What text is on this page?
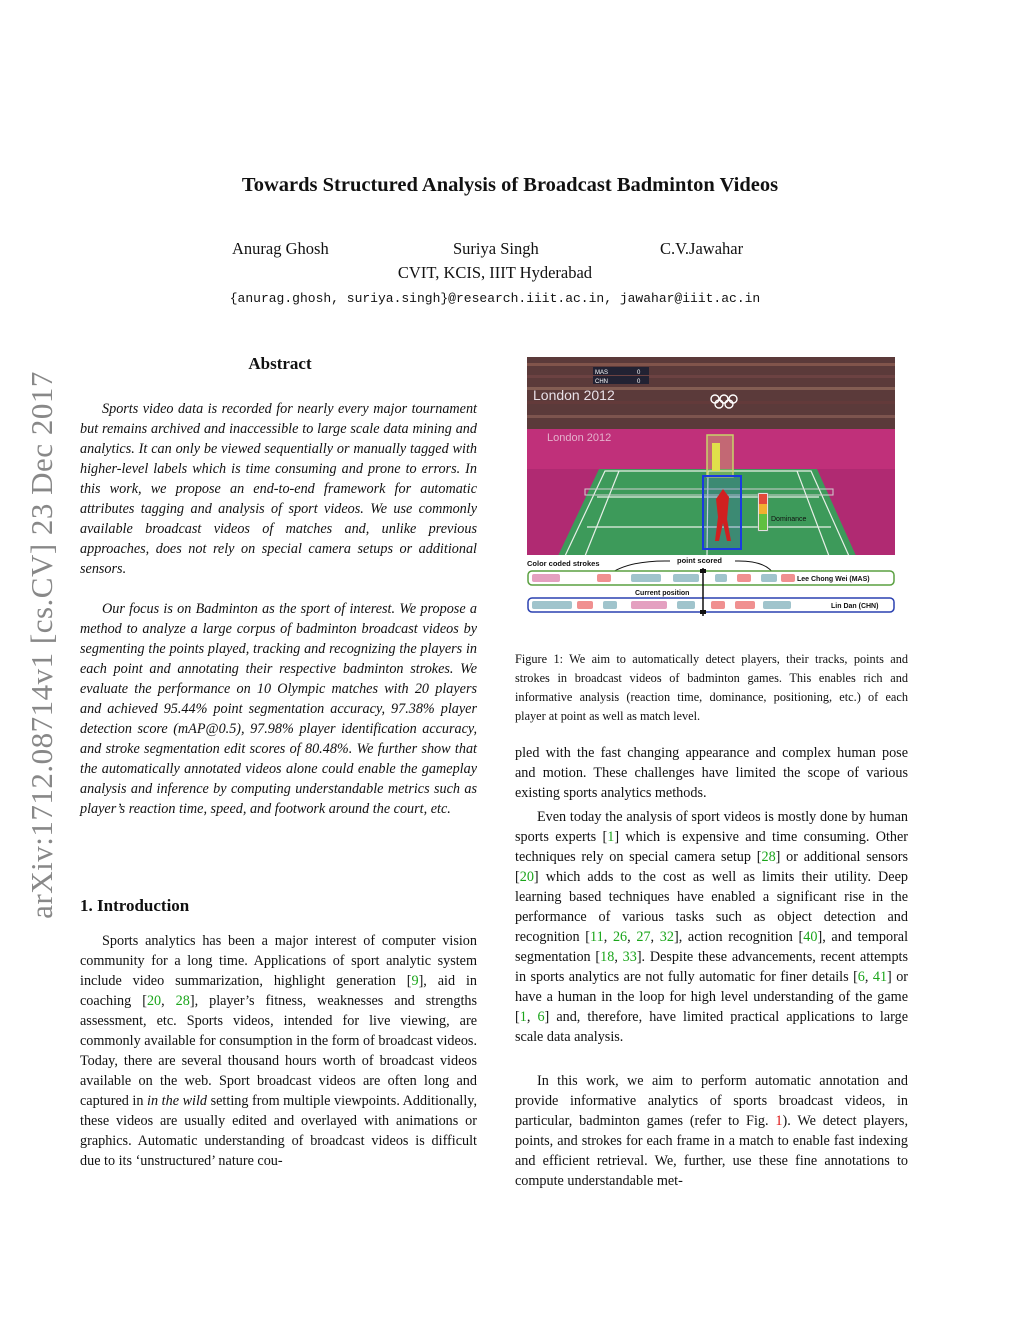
arXiv:1712.08714v1 [cs.CV] 23 Dec 2017
Towards Structured Analysis of Broadcast Badminton Videos
Anurag Ghosh	Suriya Singh	C.V.Jawahar
CVIT, KCIS, IIIT Hyderabad
{anurag.ghosh, suriya.singh}@research.iiit.ac.in, jawahar@iiit.ac.in
Abstract
Sports video data is recorded for nearly every major tournament but remains archived and inaccessible to large scale data mining and analytics. It can only be viewed sequentially or manually tagged with higher-level labels which is time consuming and prone to errors. In this work, we propose an end-to-end framework for automatic attributes tagging and analysis of sport videos. We use commonly available broadcast videos of matches and, unlike previous approaches, does not rely on special camera setups or additional sensors.
Our focus is on Badminton as the sport of interest. We propose a method to analyze a large corpus of badminton broadcast videos by segmenting the points played, tracking and recognizing the players in each point and annotating their respective badminton strokes. We evaluate the performance on 10 Olympic matches with 20 players and achieved 95.44% point segmentation accuracy, 97.38% player detection score (mAP@0.5), 97.98% player identification accuracy, and stroke segmentation edit scores of 80.48%. We further show that the automatically annotated videos alone could enable the gameplay analysis and inference by computing understandable metrics such as player’s reaction time, speed, and footwork around the court, etc.
1. Introduction
Sports analytics has been a major interest of computer vision community for a long time. Applications of sport analytic system include video summarization, highlight generation [9], aid in coaching [20, 28], player’s fitness, weaknesses and strengths assessment, etc. Sports videos, intended for live viewing, are commonly available for consumption in the form of broadcast videos. Today, there are several thousand hours worth of broadcast videos available on the web. Sport broadcast videos are often long and captured in in the wild setting from multiple viewpoints. Additionally, these videos are usually edited and overlayed with animations or graphics. Automatic understanding of broadcast videos is difficult due to its ‘unstructured’ nature cou-
London 2012
London 2012
MAS
CHN
0
0
Dominance
Color coded strokes	point scored
Current position
Lee Chong Wei (MAS)
Lin Dan (CHN)
Figure 1: We aim to automatically detect players, their tracks, points and strokes in broadcast videos of badminton games. This enables rich and informative analysis (reaction time, dominance, positioning, etc.) of each player at point as well as match level.
pled with the fast changing appearance and complex human pose and motion. These challenges have limited the scope of various existing sports analytics methods.
Even today the analysis of sport videos is mostly done by human sports experts [1] which is expensive and time consuming. Other techniques rely on special camera setup [28] or additional sensors [20] which adds to the cost as well as limits their utility. Deep learning based techniques have enabled a significant rise in the performance of various tasks such as object detection and recognition [11, 26, 27, 32], action recognition [40], and temporal segmentation [18, 33]. Despite these advancements, recent attempts in sports analytics are not fully automatic for finer details [6, 41] or have a human in the loop for high level understanding of the game [1, 6] and, therefore, have limited practical applications to large scale data analysis.
In this work, we aim to perform automatic annotation and provide informative analytics of sports broadcast videos, in particular, badminton games (refer to Fig. 1). We detect players, points, and strokes for each frame in a match to enable fast indexing and efficient retrieval. We, further, use these fine annotations to compute understandable met-
